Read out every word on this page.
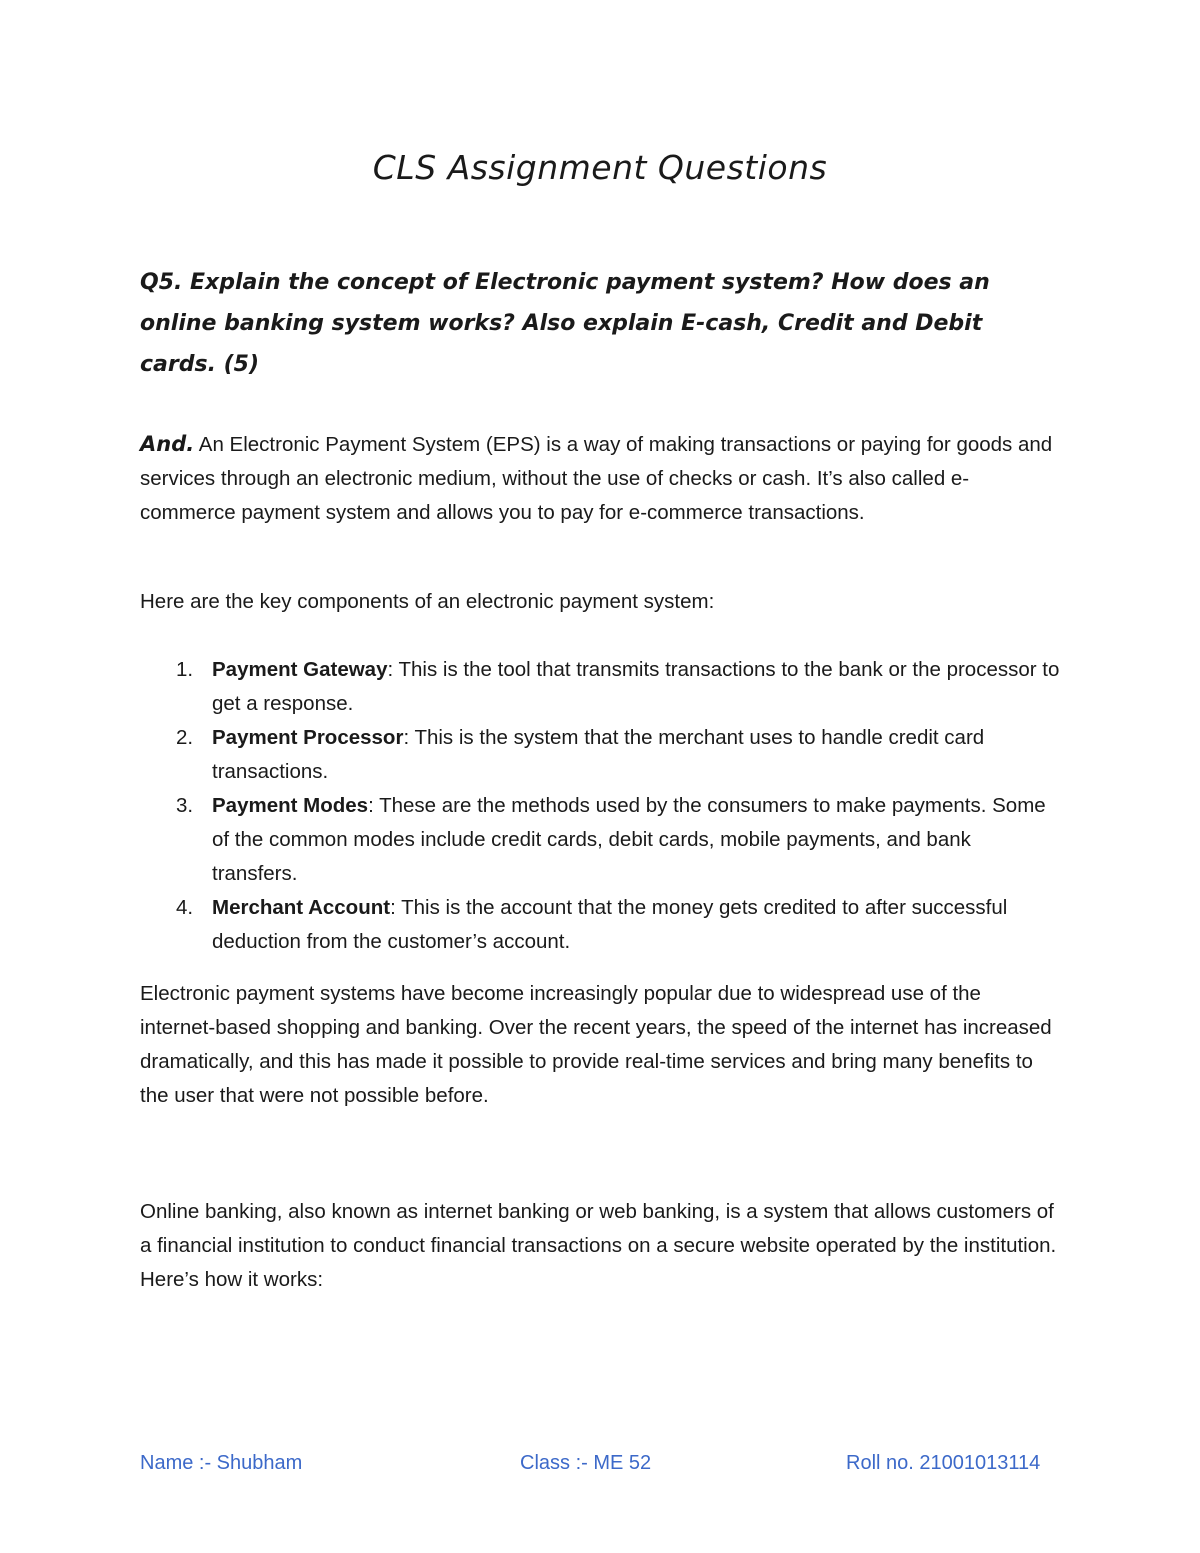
CLS Assignment Questions

Q5. Explain the concept of Electronic payment system? How does an online banking system works? Also explain E-cash, Credit and Debit cards. (5)

And. An Electronic Payment System (EPS) is a way of making transactions or paying for goods and services through an electronic medium, without the use of checks or cash. It’s also called e-commerce payment system and allows you to pay for e-commerce transactions.

Here are the key components of an electronic payment system:

1. Payment Gateway: This is the tool that transmits transactions to the bank or the processor to get a response.
2. Payment Processor: This is the system that the merchant uses to handle credit card transactions.
3. Payment Modes: These are the methods used by the consumers to make payments. Some of the common modes include credit cards, debit cards, mobile payments, and bank transfers.
4. Merchant Account: This is the account that the money gets credited to after successful deduction from the customer’s account.

Electronic payment systems have become increasingly popular due to widespread use of the internet-based shopping and banking. Over the recent years, the speed of the internet has increased dramatically, and this has made it possible to provide real-time services and bring many benefits to the user that were not possible before.

Online banking, also known as internet banking or web banking, is a system that allows customers of a financial institution to conduct financial transactions on a secure website operated by the institution. Here’s how it works:

Name :- Shubham	Class :- ME 52	Roll no. 21001013114
